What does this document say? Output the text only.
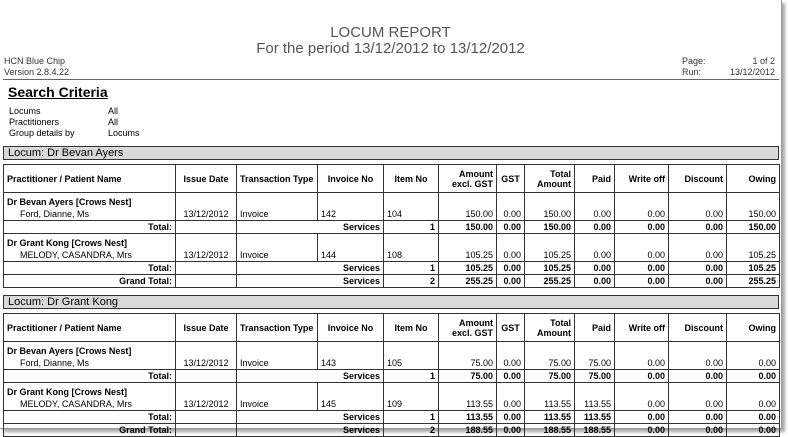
LOCUM REPORT
For the period 13/12/2012 to 13/12/2012
HCN Blue Chip
Version 2.8.4.22
Page:	1 of 2
Run:	13/12/2012
Search Criteria
Locums	All
Practitioners	All
Group details by	Locums
Locum: Dr Bevan Ayers
Practitioner / Patient Name	Issue Date	Transaction Type	Invoice No	Item No	Amount excl. GST	GST	Total Amount	Paid	Write off	Discount	Owing
Dr Bevan Ayers [Crows Nest]											
Ford, Dianne, Ms	13/12/2012	Invoice	142	104	150.00	0.00	150.00	0.00	0.00	0.00	150.00
Total:		Services		1	150.00	0.00	150.00	0.00	0.00	0.00	150.00
Dr Grant Kong [Crows Nest]											
MELODY, CASANDRA, Mrs	13/12/2012	Invoice	144	108	105.25	0.00	105.25	0.00	0.00	0.00	105.25
Total:		Services		1	105.25	0.00	105.25	0.00	0.00	0.00	105.25
Grand Total:		Services		2	255.25	0.00	255.25	0.00	0.00	0.00	255.25
Locum: Dr Grant Kong
Practitioner / Patient Name	Issue Date	Transaction Type	Invoice No	Item No	Amount excl. GST	GST	Total Amount	Paid	Write off	Discount	Owing
Dr Bevan Ayers [Crows Nest]											
Ford, Dianne, Ms	13/12/2012	Invoice	143	105	75.00	0.00	75.00	75.00	0.00	0.00	0.00
Total:		Services		1	75.00	0.00	75.00	75.00	0.00	0.00	0.00
Dr Grant Kong [Crows Nest]											
MELODY, CASANDRA, Mrs	13/12/2012	Invoice	145	109	113.55	0.00	113.55	113.55	0.00	0.00	0.00
Total:		Services		1	113.55	0.00	113.55	113.55	0.00	0.00	0.00
Grand Total:		Services		2	188.55	0.00	188.55	188.55	0.00	0.00	0.00
